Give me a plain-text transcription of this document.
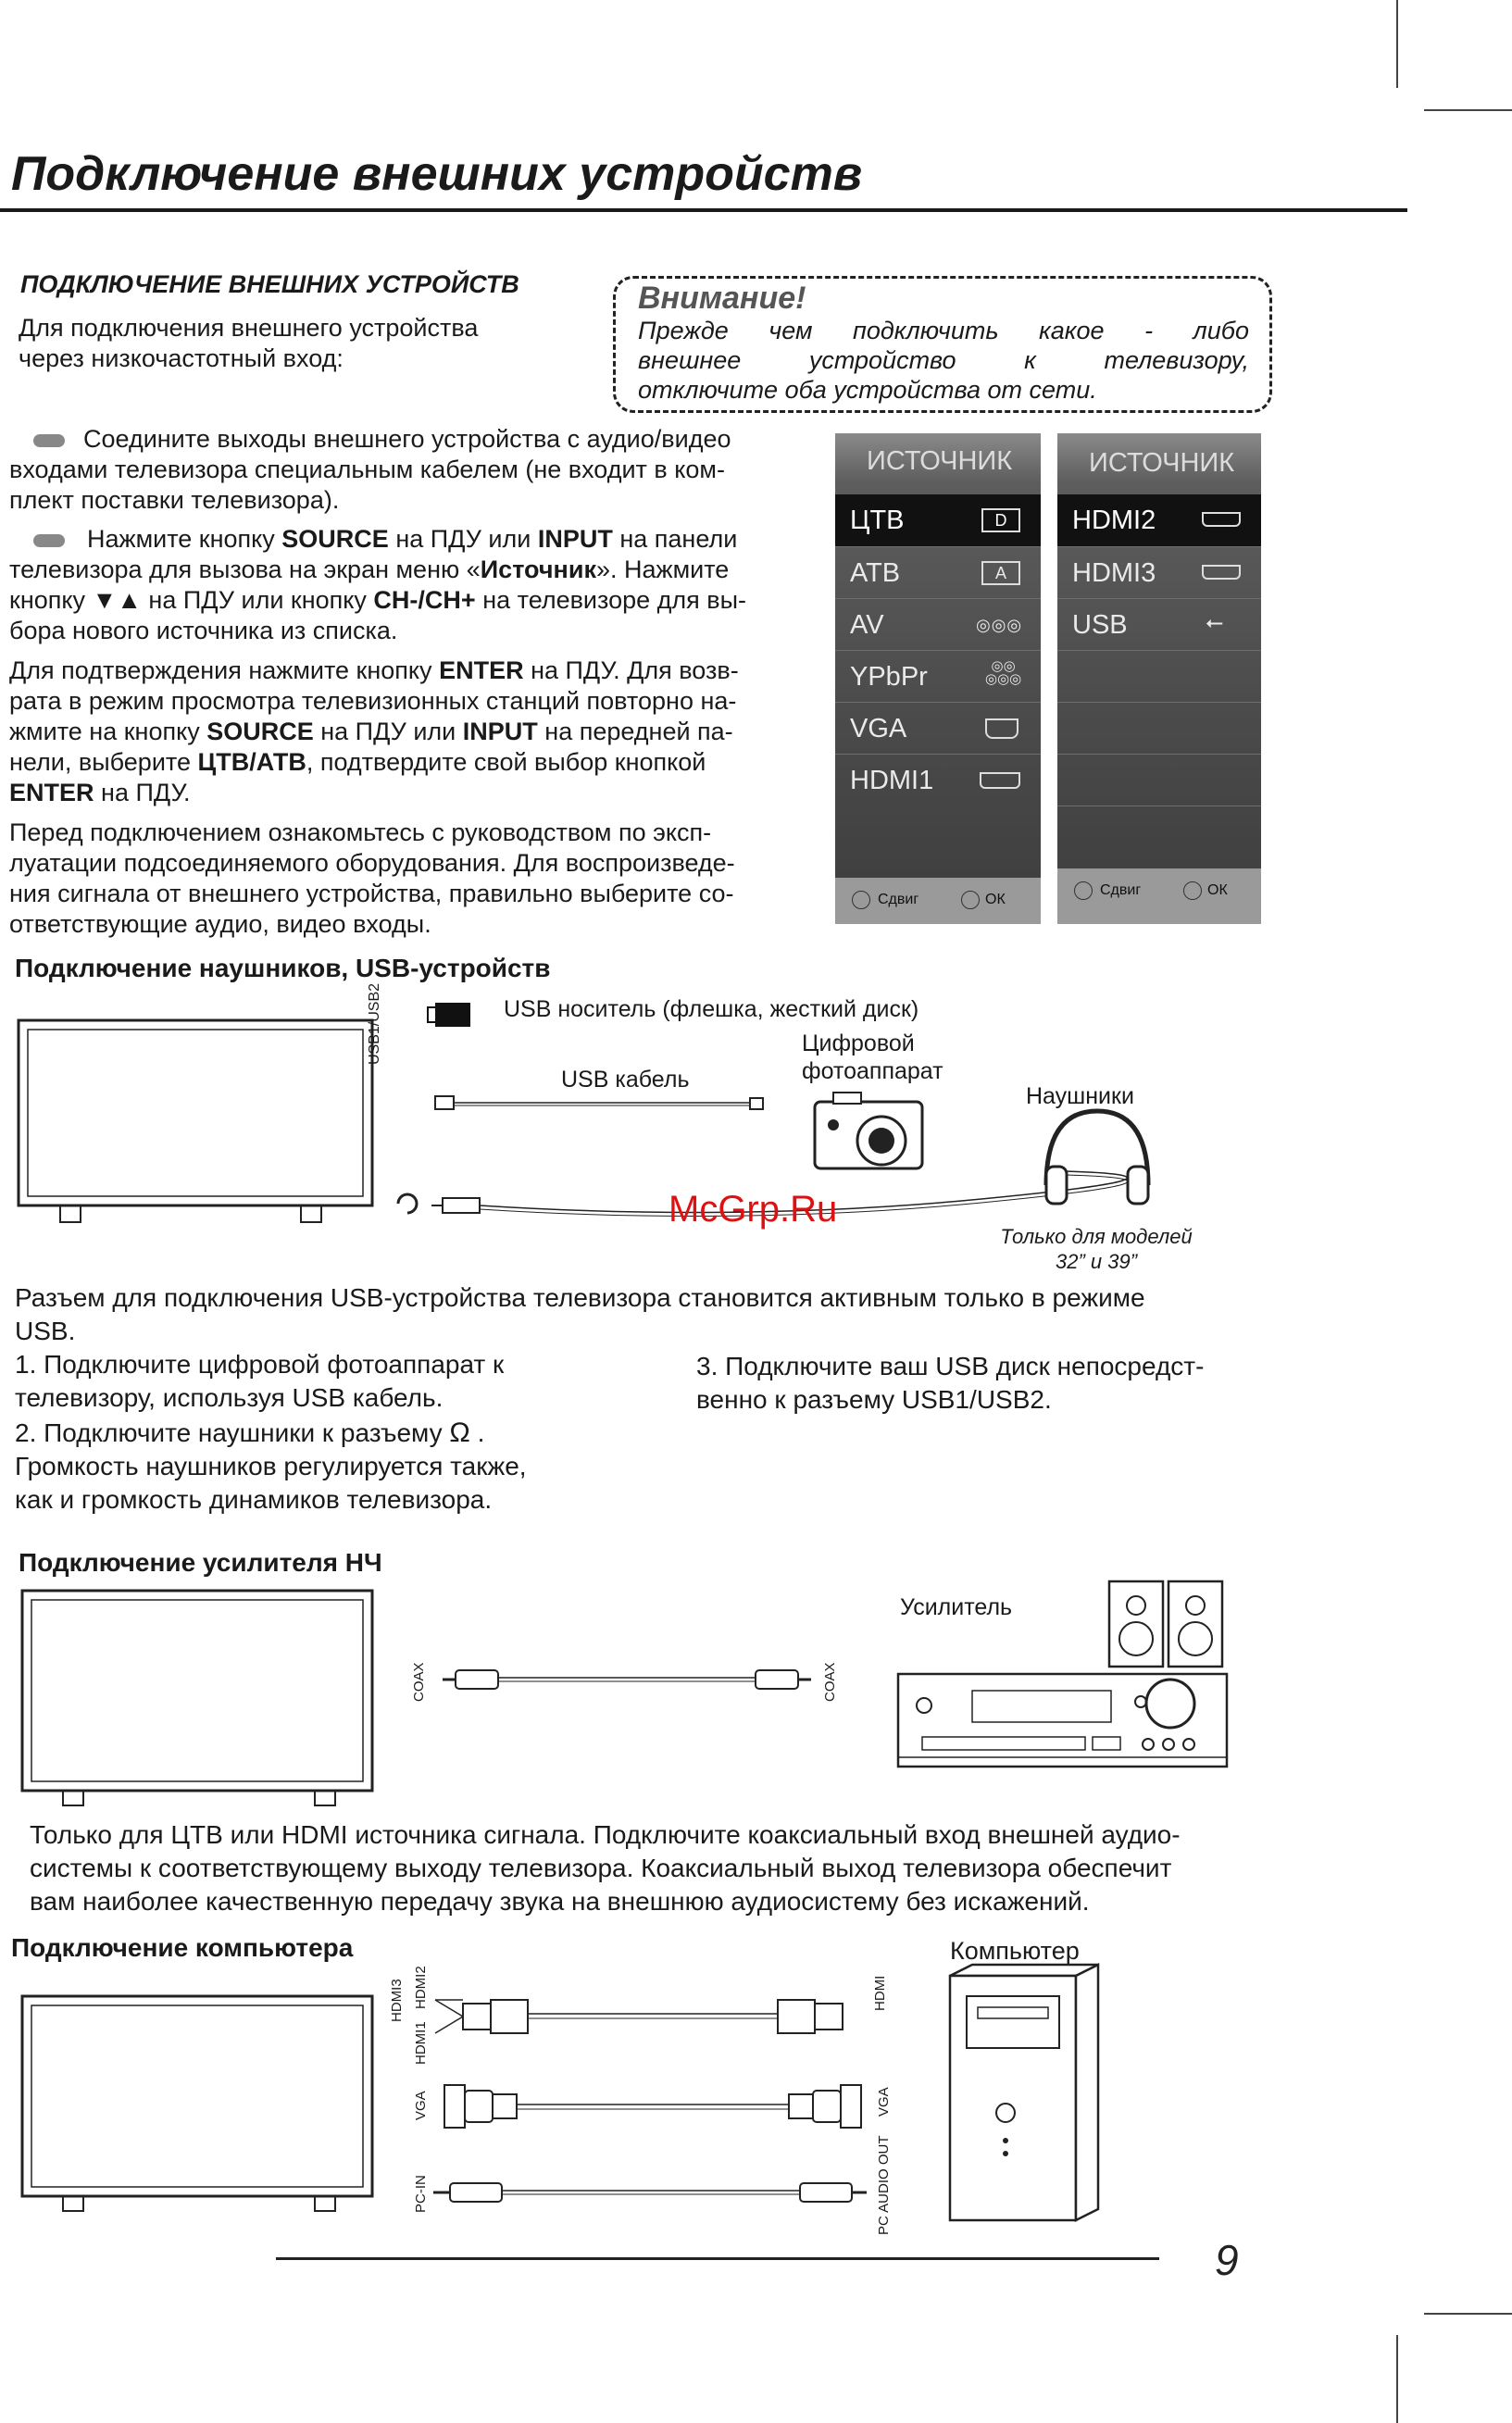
Подключение внешних устройств
ПОДКЛЮЧЕНИЕ ВНЕШНИХ УСТРОЙСТВ
Для подключения внешнего устройства
через низкочастотный вход:
Внимание!
Прежде чем подключить какое - либо
внешнее устройство к телевизору,
отключите оба устройства от сети.
Соедините выходы внешнего устройства с аудио/видео
входами телевизора специальным кабелем (не входит в ком-
плект поставки телевизора).
Нажмите кнопку SOURCE на ПДУ или INPUT на панели
телевизора для вызова на экран меню «Источник». Нажмите
кнопку ▼▲ на ПДУ или кнопку CH-/CH+ на телевизоре для вы-
бора нового источника из списка.
Для подтверждения нажмите кнопку ENTER на ПДУ. Для возв-
рата в режим просмотра телевизионных станций повторно на-
жмите на кнопку SOURCE на ПДУ или INPUT на передней па-
нели, выберите ЦТВ/АТВ, подтвердите свой выбор кнопкой
ENTER на ПДУ.
Перед подключением ознакомьтесь с руководством по эксп-
луатации подсоединяемого оборудования. Для воспроизведе-
ния сигнала от внешнего устройства, правильно выберите со-
ответствующие аудио, видео входы.
ИСТОЧНИК
ЦТВ	D
АТВ	A
AV	◎◎◎
YPbPr	◎◎
◎◎◎
VGA
HDMI1
Сдвиг	ОК
ИСТОЧНИК
HDMI2
HDMI3
USB	⭠
Сдвиг	ОК
Подключение наушников, USB-устройств
USB1/USB2	USB носитель (флешка, жесткий диск)
USB кабель
Цифровой
фотоаппарат
Наушники
Только для моделей
32” и 39”
McGrp.Ru
Разъем для подключения USB-устройства телевизора становится активным только в режиме
USB.
1. Подключите цифровой фотоаппарат к
телевизору, используя USB кабель.
2. Подключите наушники к разъему Ω .
Громкость наушников регулируется также,
как и громкость динамиков телевизора.
3. Подключите ваш USB диск непосредст-
венно к разъему USB1/USB2.
Подключение усилителя НЧ
COAX	COAX
Усилитель
Только для ЦТВ или HDMI источника сигнала. Подключите коаксиальный вход внешней аудио-
системы к соответствующему выходу телевизора. Коаксиальный выход телевизора обеспечит
вам наиболее качественную передачу звука на внешнюю аудиосистему без искажений.
Подключение компьютера	Компьютер
HDMI2
HDMI3
HDMI1
VGA
PC-IN
HDMI
VGA
PC AUDIO OUT
9
